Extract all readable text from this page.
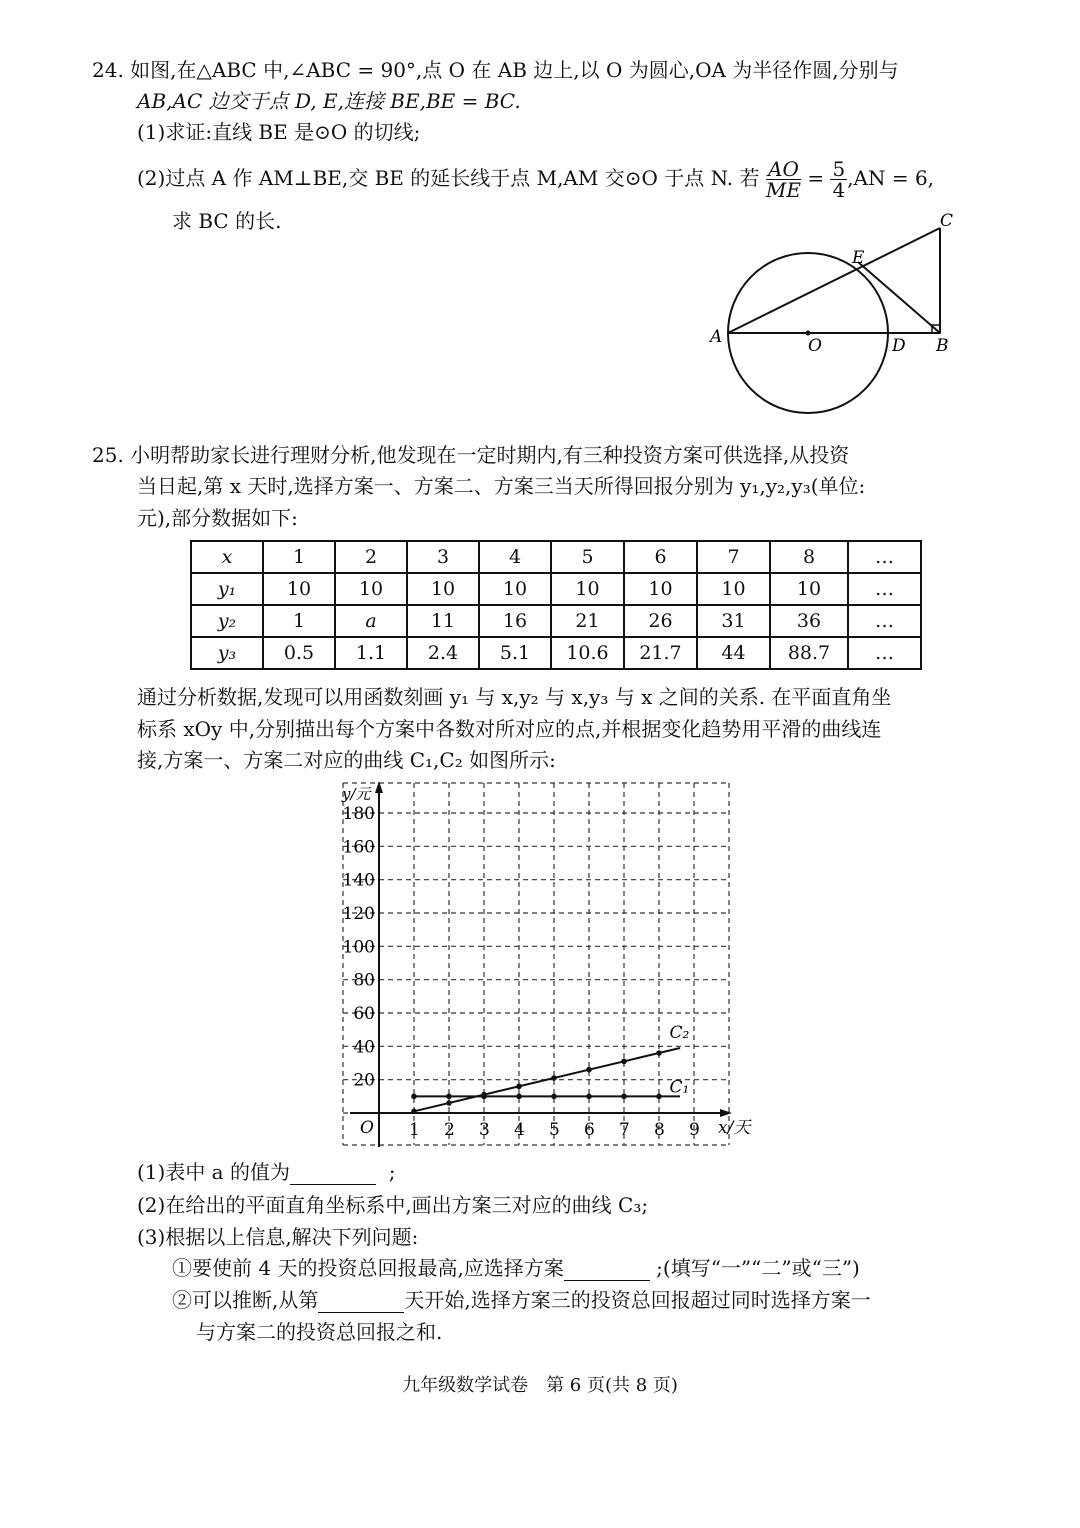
24. 如图,在△ABC 中,∠ABC = 90°,点 O 在 AB 边上,以 O 为圆心,OA 为半径作圆,分别与
AB,AC 边交于点 D, E,连接 BE,BE = BC.
(1)求证:直线 BE 是⊙O 的切线;
(2)过点 A 作 AM⊥BE,交 BE 的延长线于点 M,AM 交⊙O 于点 N. 若 $\frac{AO}{ME} = \frac{5}{4} ,AN = 6$,
求 BC 的长.
A	B
C
D
E
O
25. 小明帮助家长进行理财分析,他发现在一定时期内,有三种投资方案可供选择,从投资
当日起,第 x 天时,选择方案一、方案二、方案三当天所得回报分别为 y₁,y₂,y₃(单位:
元),部分数据如下:
x	1	2	3	4	5	6	7	8	…
y₁	10	10	10	10	10	10	10	10	…
y₂	1	a	11	16	21	26	31	36	…
y₃	0.5	1.1	2.4	5.1	10.6	21.7	44	88.7	…
通过分析数据,发现可以用函数刻画 y₁ 与 x,y₂ 与 x,y₃ 与 x 之间的关系. 在平面直角坐
标系 xOy 中,分别描出每个方案中各数对所对应的点,并根据变化趋势用平滑的曲线连
接,方案一、方案二对应的曲线 C₁,C₂ 如图所示:
1 2 3 4 5 6 7 8 9
20
40
60
80
100
120
140
160
180
O	x/天
y/元
C₁
C₂
(1)表中 a 的值为	;
(2)在给出的平面直角坐标系中,画出方案三对应的曲线 C₃;
(3)根据以上信息,解决下列问题:
①要使前 4 天的投资总回报最高,应选择方案	;(填写“一”“二”或“三”)
②可以推断,从第	天开始,选择方案三的投资总回报超过同时选择方案一
与方案二的投资总回报之和.
九年级数学试卷　第 6 页(共 8 页)
